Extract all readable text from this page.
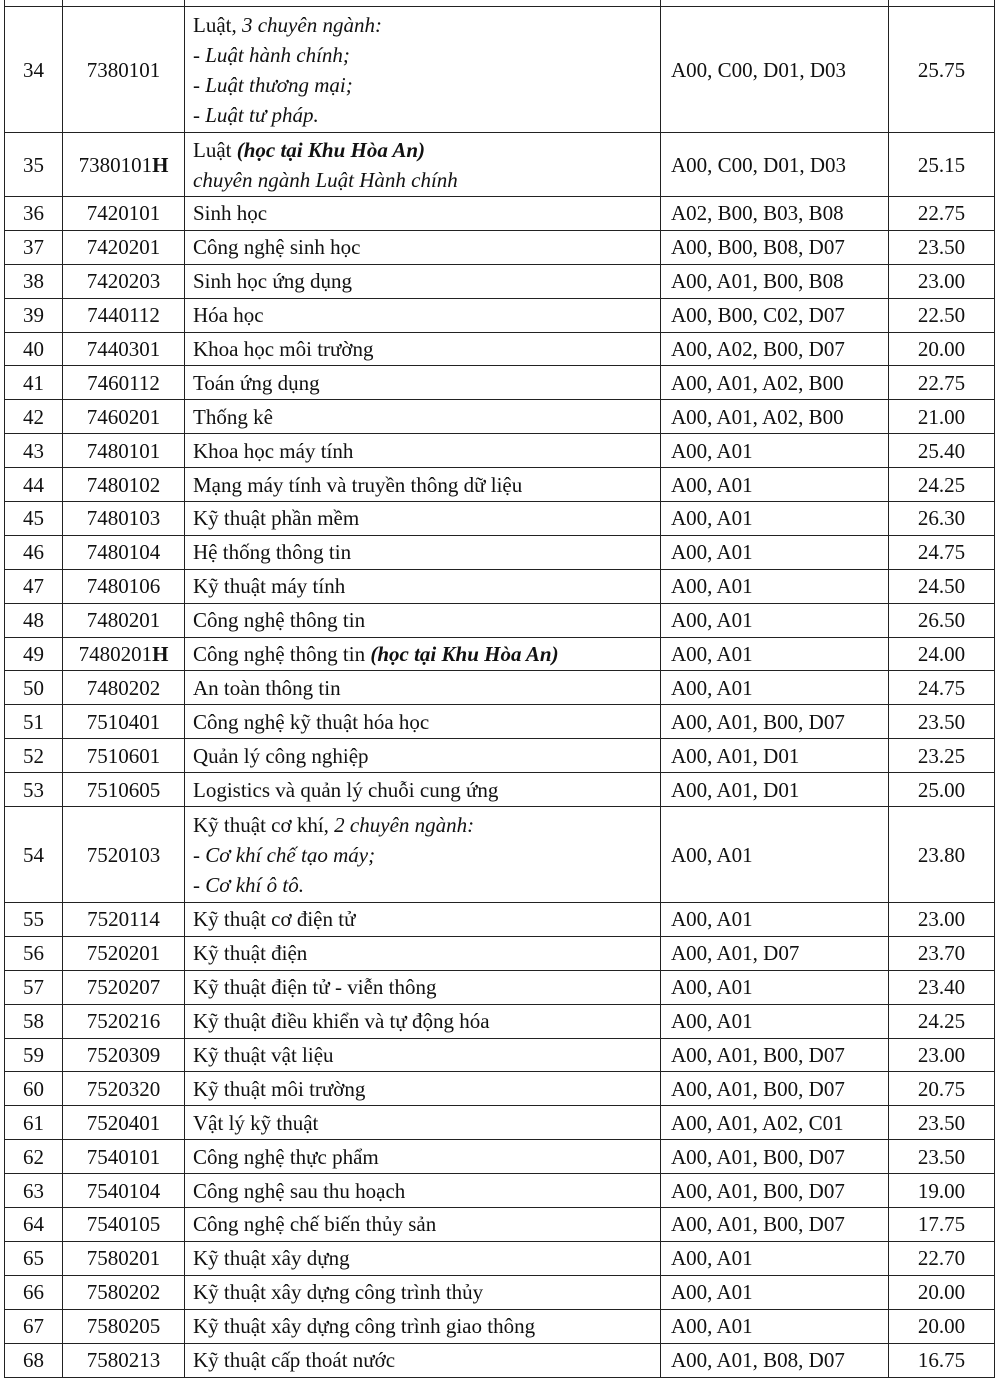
34	7380101	Luật, 3 chuyên ngành:
- Luật hành chính;
- Luật thương mại;
- Luật tư pháp.	A00, C00, D01, D03	25.75
35	7380101H	Luật (học tại Khu Hòa An)
chuyên ngành Luật Hành chính	A00, C00, D01, D03	25.15
36	7420101	Sinh học	A02, B00, B03, B08	22.75
37	7420201	Công nghệ sinh học	A00, B00, B08, D07	23.50
38	7420203	Sinh học ứng dụng	A00, A01, B00, B08	23.00
39	7440112	Hóa học	A00, B00, C02, D07	22.50
40	7440301	Khoa học môi trường	A00, A02, B00, D07	20.00
41	7460112	Toán ứng dụng	A00, A01, A02, B00	22.75
42	7460201	Thống kê	A00, A01, A02, B00	21.00
43	7480101	Khoa học máy tính	A00, A01	25.40
44	7480102	Mạng máy tính và truyền thông dữ liệu	A00, A01	24.25
45	7480103	Kỹ thuật phần mềm	A00, A01	26.30
46	7480104	Hệ thống thông tin	A00, A01	24.75
47	7480106	Kỹ thuật máy tính	A00, A01	24.50
48	7480201	Công nghệ thông tin	A00, A01	26.50
49	7480201H	Công nghệ thông tin (học tại Khu Hòa An)	A00, A01	24.00
50	7480202	An toàn thông tin	A00, A01	24.75
51	7510401	Công nghệ kỹ thuật hóa học	A00, A01, B00, D07	23.50
52	7510601	Quản lý công nghiệp	A00, A01, D01	23.25
53	7510605	Logistics và quản lý chuỗi cung ứng	A00, A01, D01	25.00
54	7520103	Kỹ thuật cơ khí, 2 chuyên ngành:
- Cơ khí chế tạo máy;
- Cơ khí ô tô.	A00, A01	23.80
55	7520114	Kỹ thuật cơ điện tử	A00, A01	23.00
56	7520201	Kỹ thuật điện	A00, A01, D07	23.70
57	7520207	Kỹ thuật điện tử - viễn thông	A00, A01	23.40
58	7520216	Kỹ thuật điều khiển và tự động hóa	A00, A01	24.25
59	7520309	Kỹ thuật vật liệu	A00, A01, B00, D07	23.00
60	7520320	Kỹ thuật môi trường	A00, A01, B00, D07	20.75
61	7520401	Vật lý kỹ thuật	A00, A01, A02, C01	23.50
62	7540101	Công nghệ thực phẩm	A00, A01, B00, D07	23.50
63	7540104	Công nghệ sau thu hoạch	A00, A01, B00, D07	19.00
64	7540105	Công nghệ chế biến thủy sản	A00, A01, B00, D07	17.75
65	7580201	Kỹ thuật xây dựng	A00, A01	22.70
66	7580202	Kỹ thuật xây dựng công trình thủy	A00, A01	20.00
67	7580205	Kỹ thuật xây dựng công trình giao thông	A00, A01	20.00
68	7580213	Kỹ thuật cấp thoát nước	A00, A01, B08, D07	16.75
